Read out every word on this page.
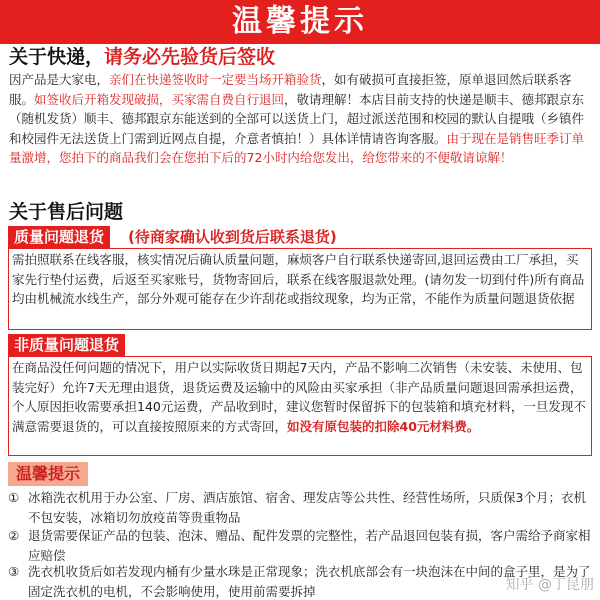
温馨提示
关于快递，请务必先验货后签收
因产品是大家电，亲们在快递签收时一定要当场开箱验货，如有破损可直接拒签，原单退回然后联系客服。如签收后开箱发现破损，买家需自费自行退回，敬请理解！本店目前支持的快递是顺丰、德邦跟京东（随机发货）顺丰、德邦跟京东能送到的全部可以送货上门，超过派送范围和校园的默认自提哦（乡镇件和校园件无法送货上门需到近网点自提，介意者慎拍！）具体详情请咨询客服。由于现在是销售旺季订单量激增，您拍下的商品我们会在您拍下后的72小时内给您发出，给您带来的不便敬请谅解！
关于售后问题
质量问题退货	(待商家确认收到货后联系退货)
需拍照联系在线客服，核实情况后确认质量问题，麻烦客户自行联系快递寄回,退回运费由工厂承担，买家先行垫付运费，后返至买家账号，货物寄回后，联系在线客服退款处理。(请勿发一切到付件)所有商品均由机械流水线生产，部分外观可能存在少许刮花或指纹现象，均为正常，不能作为质量问题退货依据
非质量问题退货
在商品没任何问题的情况下，用户以实际收货日期起7天内，产品不影响二次销售（未安装、未使用、包装完好）允许7天无理由退货，退货运费及运输中的风险由买家承担（非产品质量问题退回需承担运费，个人原因拒收需要承担140元运费，产品收到时，建议您暂时保留拆下的包装箱和填充材料，一旦发现不满意需要退货的，可以直接按照原来的方式寄回，如没有原包装的扣除40元材料费。
温馨提示
① 冰箱洗衣机用于办公室、厂房、酒店旅馆、宿舍、理发店等公共性、经营性场所，只质保3个月；衣机不包安装，冰箱切勿放疫苗等贵重物品
② 退货需要保证产品的包装、泡沫、赠品、配件发票的完整性，若产品退回包装有损，客户需给予商家相应赔偿
③ 洗衣机收货后如若发现内桶有少量水珠是正常现象；洗衣机底部会有一块泡沫在中间的盒子里，是为了固定洗衣机的电机，不会影响使用，使用前需要拆掉	知乎 @丁昆朋
